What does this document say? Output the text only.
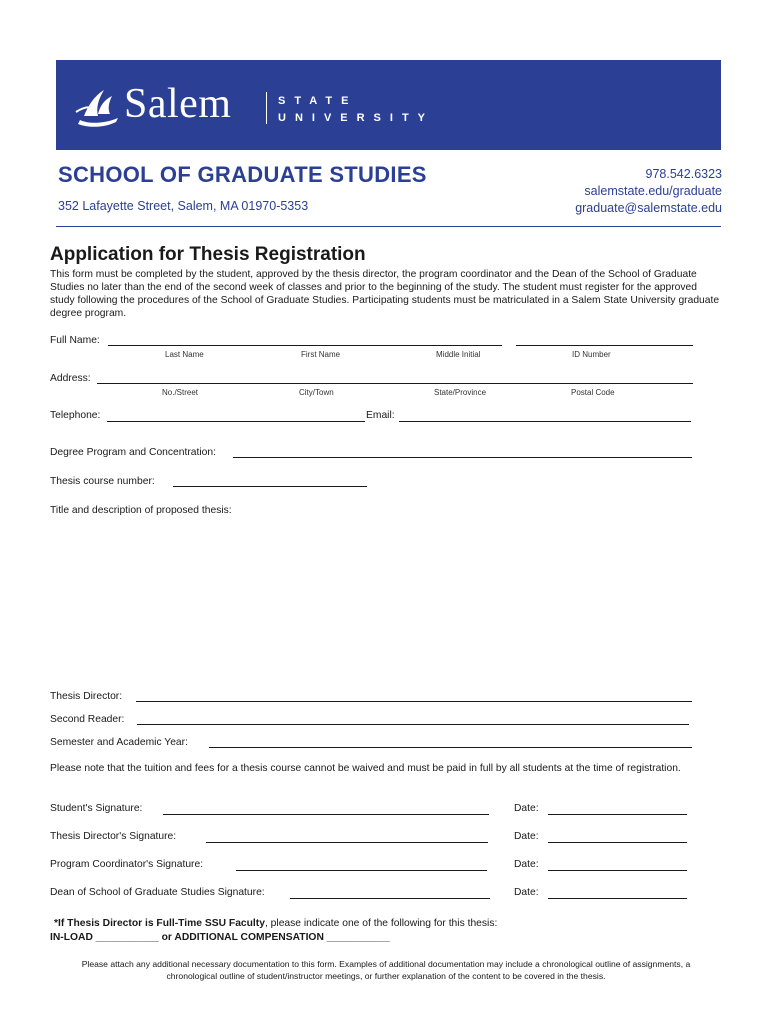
Salem	STATE
UNIVERSITY
SCHOOL OF GRADUATE STUDIES
352 Lafayette Street, Salem, MA 01970-5353
978.542.6323
salemstate.edu/graduate
graduate@salemstate.edu
Application for Thesis Registration
This form must be completed by the student, approved by the thesis director, the program coordinator and the Dean of the School of Graduate Studies no later than the end of the second week of classes and prior to the beginning of the study. The student must register for the approved study following the procedures of the School of Graduate Studies. Participating students must be matriculated in a Salem State University graduate degree program.
Full Name:
Last Name	First Name	Middle Initial	ID Number
Address:
No./Street	City/Town	State/Province	Postal Code
Telephone:	Email:
Degree Program and Concentration:
Thesis course number:
Title and description of proposed thesis:
Thesis Director:
Second Reader:
Semester and Academic Year:
Please note that the tuition and fees for a thesis course cannot be waived and must be paid in full by all students at the time of registration.
Student's Signature:	Date:
Thesis Director's Signature:	Date:
Program Coordinator's Signature:	Date:
Dean of School of Graduate Studies Signature:	Date:
*If Thesis Director is Full-Time SSU Faculty, please indicate one of the following for this thesis:
IN-LOAD ___________ or ADDITIONAL COMPENSATION ___________
Please attach any additional necessary documentation to this form. Examples of additional documentation may include a chronological outline of assignments, a chronological outline of student/instructor meetings, or further explanation of the content to be covered in the thesis.
